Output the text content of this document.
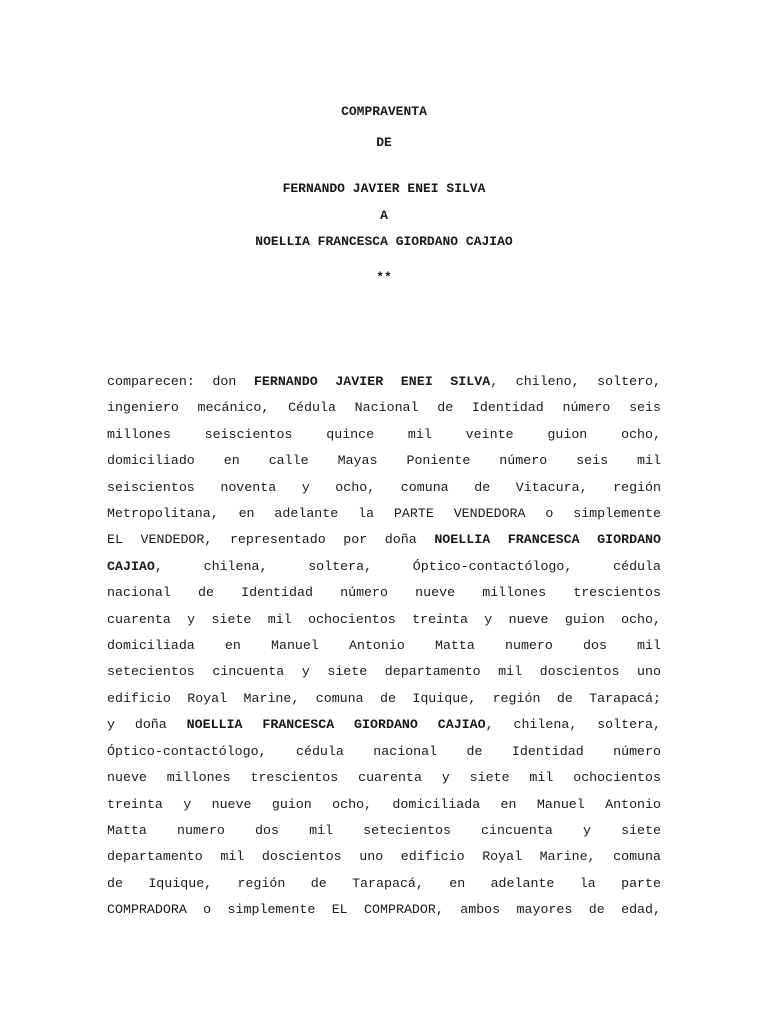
COMPRAVENTA
DE
FERNANDO JAVIER ENEI SILVA
A
NOELLIA FRANCESCA GIORDANO CAJIAO
**
comparecen: don FERNANDO JAVIER ENEI SILVA, chileno, soltero,
ingeniero mecánico, Cédula Nacional de Identidad número seis
millones seiscientos quince mil veinte guion ocho,
domiciliado en calle Mayas Poniente número seis mil
seiscientos noventa y ocho, comuna de Vitacura, región
Metropolitana, en adelante la PARTE VENDEDORA o simplemente
EL VENDEDOR, representado por doña NOELLIA FRANCESCA GIORDANO
CAJIAO, chilena, soltera, Óptico-contactólogo, cédula
nacional de Identidad número nueve millones trescientos
cuarenta y siete mil ochocientos treinta y nueve guion ocho,
domiciliada en Manuel Antonio Matta numero dos mil
setecientos cincuenta y siete departamento mil doscientos uno
edificio Royal Marine, comuna de Iquique, región de Tarapacá;
y doña NOELLIA FRANCESCA GIORDANO CAJIAO, chilena, soltera,
Óptico-contactólogo, cédula nacional de Identidad número
nueve millones trescientos cuarenta y siete mil ochocientos
treinta y nueve guion ocho, domiciliada en Manuel Antonio
Matta numero dos mil setecientos cincuenta y siete
departamento mil doscientos uno edificio Royal Marine, comuna
de Iquique, región de Tarapacá, en adelante la parte
COMPRADORA o simplemente EL COMPRADOR, ambos mayores de edad,
